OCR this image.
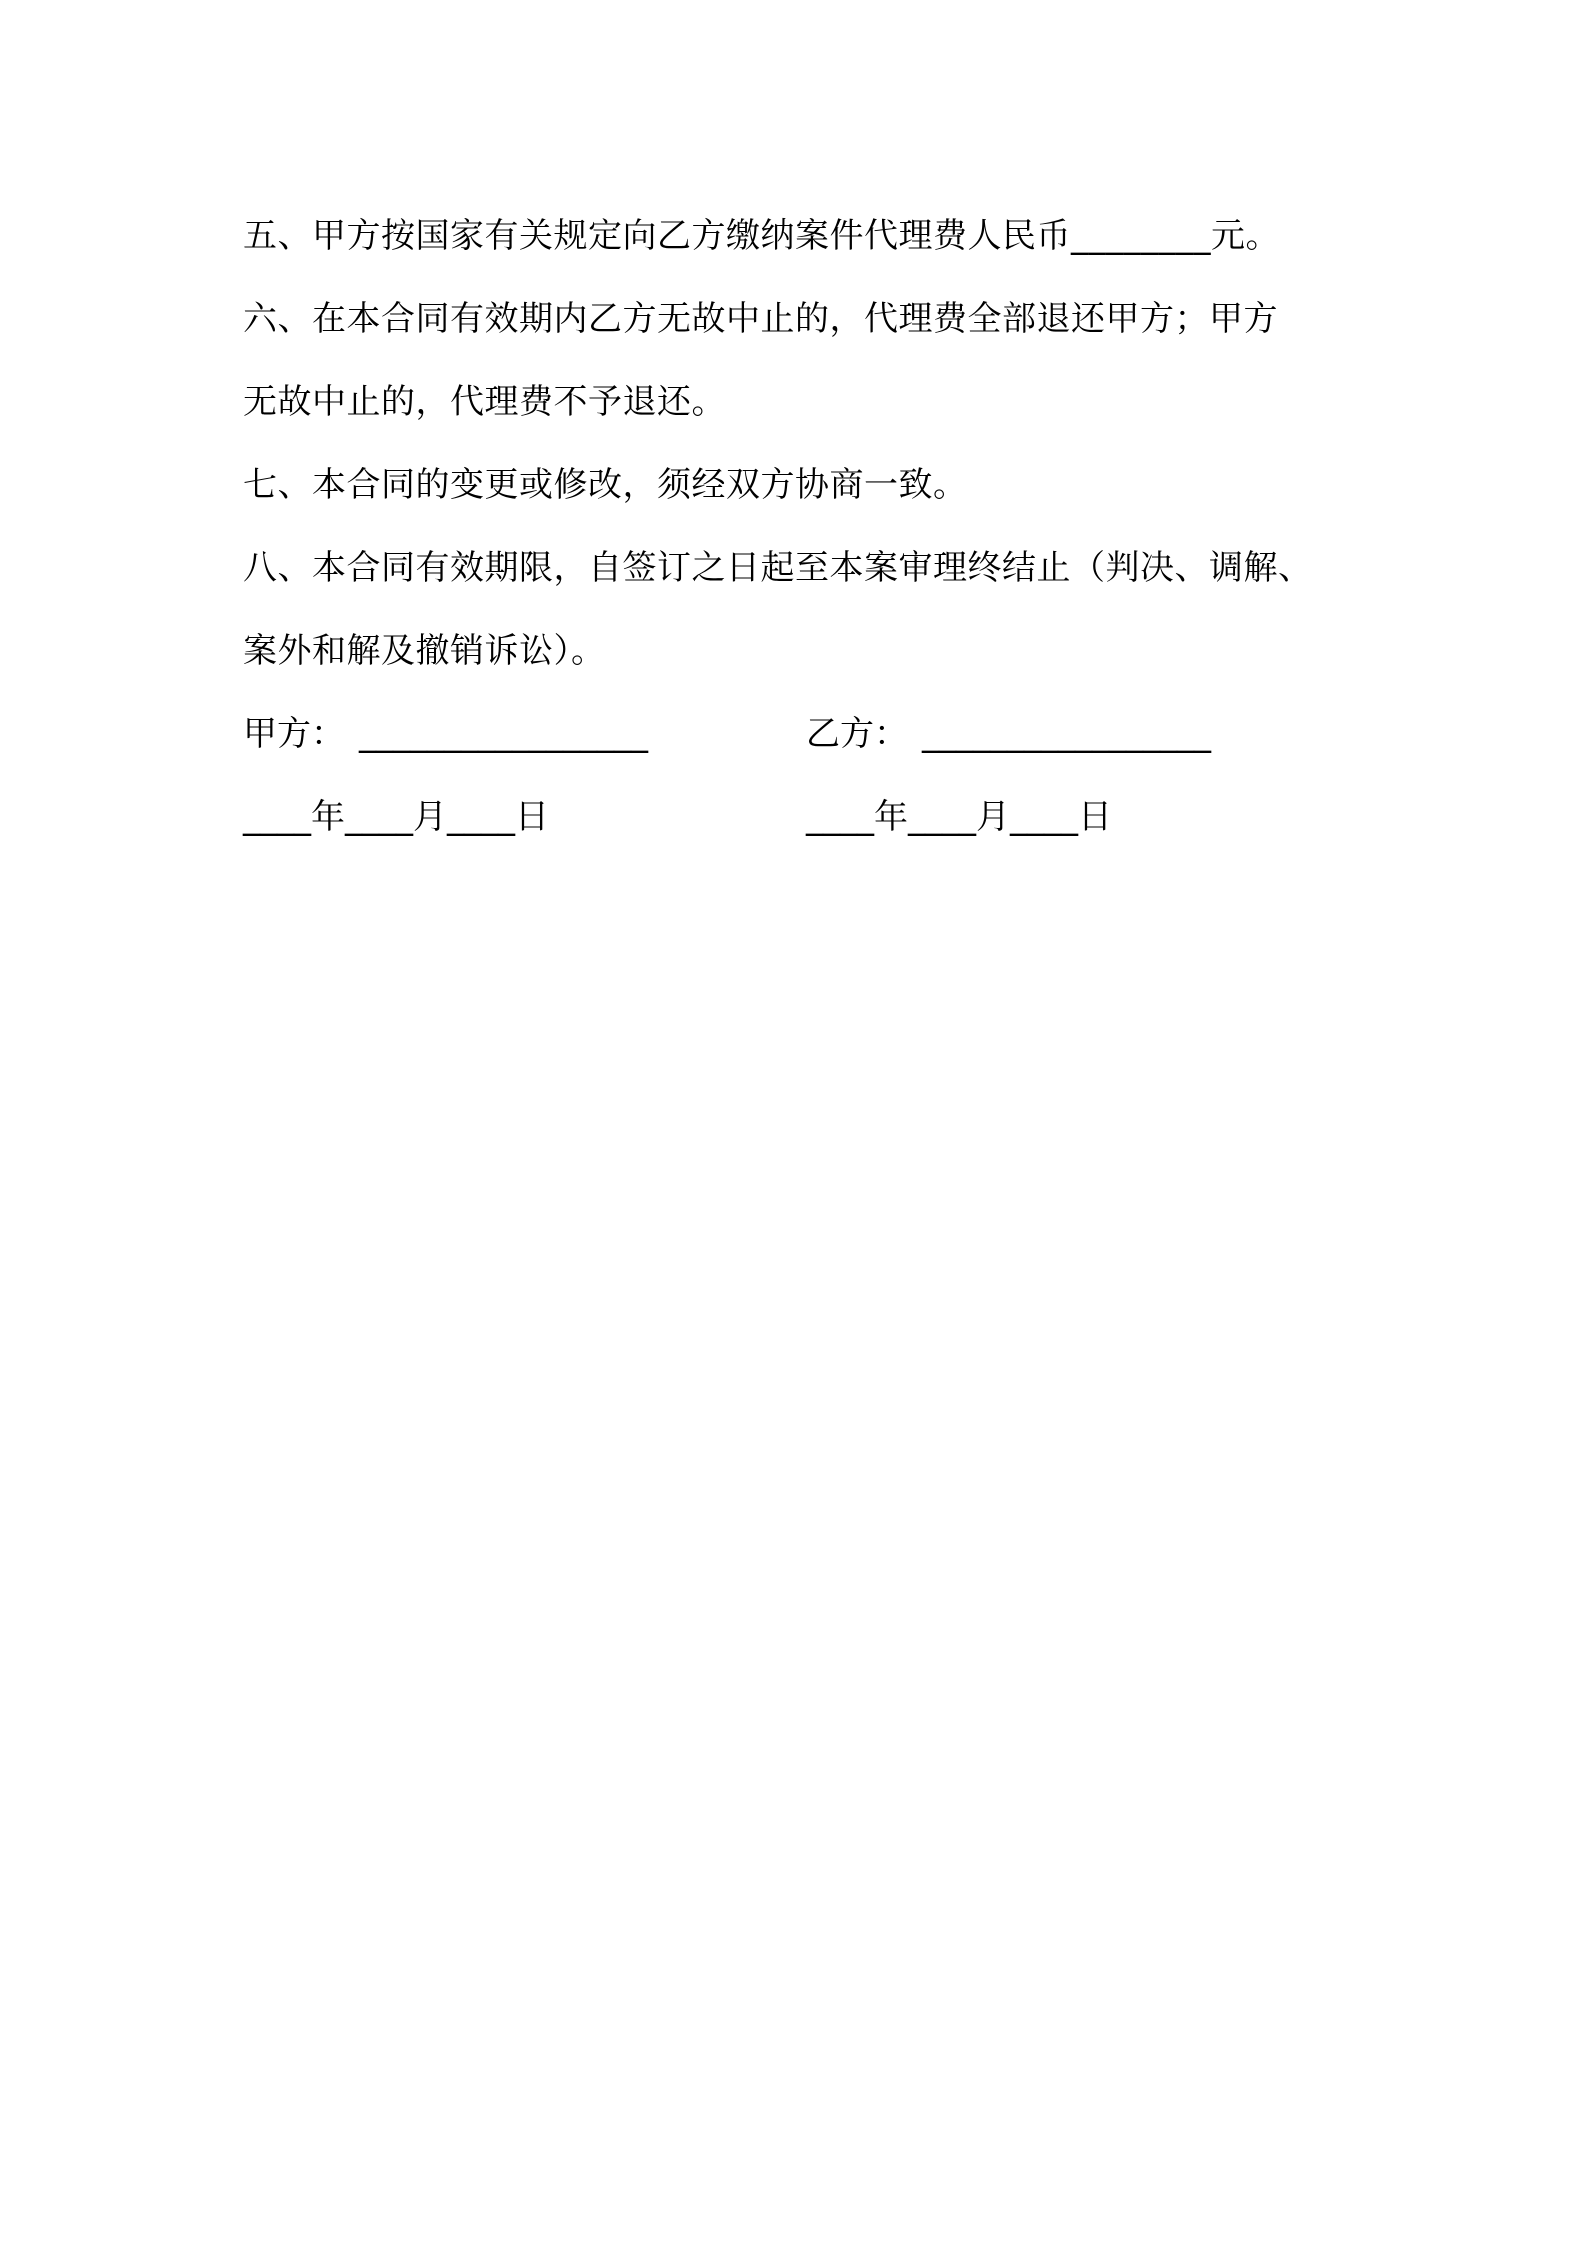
五、甲方按国家有关规定向乙方缴纳案件代理费人民币________元。
六、在本合同有效期内乙方无故中止的，代理费全部退还甲方；甲方
无故中止的，代理费不予退还。
七、本合同的变更或修改，须经双方协商一致。
八、本合同有效期限，自签订之日起至本案审理终结止（判决、调解、
案外和解及撤销诉讼）。
甲方： _________________	乙方： _________________
____年____月____日	____年____月____日
